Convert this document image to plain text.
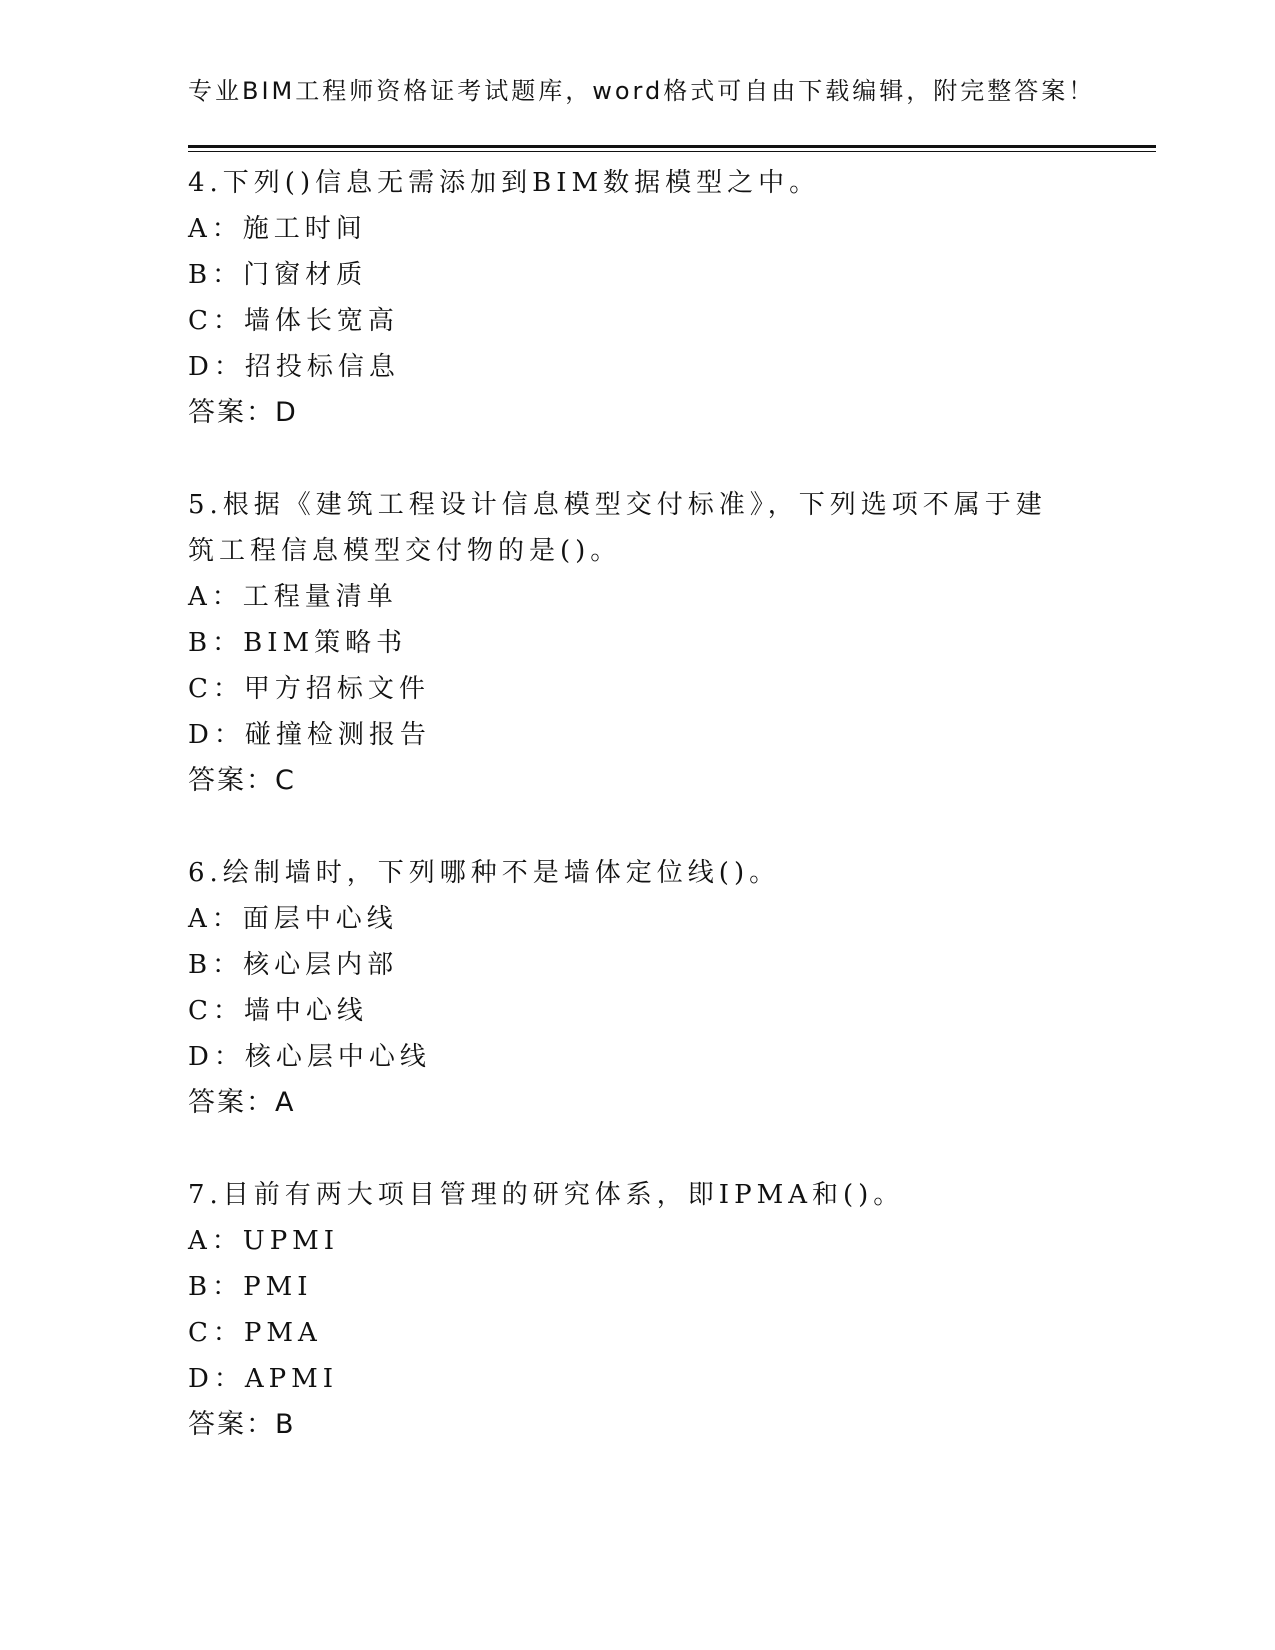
专业BIM工程师资格证考试题库，word格式可自由下载编辑，附完整答案！
4.下列()信息无需添加到BIM数据模型之中。
A：施工时间
B：门窗材质
C：墙体长宽高
D：招投标信息
答案：D
5.根据《建筑工程设计信息模型交付标准》，下列选项不属于建筑工程信息模型交付物的是()。
A：工程量清单
B：BIM策略书
C：甲方招标文件
D：碰撞检测报告
答案：C
6.绘制墙时，下列哪种不是墙体定位线()。
A：面层中心线
B：核心层内部
C：墙中心线
D：核心层中心线
答案：A
7.目前有两大项目管理的研究体系，即IPMA和()。
A：UPMI
B：PMI
C：PMA
D：APMI
答案：B
